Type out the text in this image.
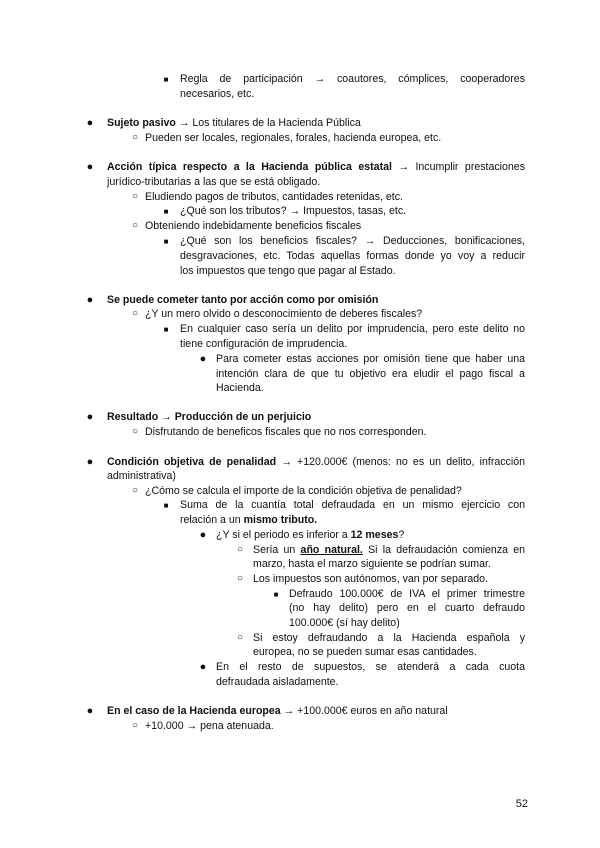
■	Regla de participación → coautores, cómplices, cooperadores
necesarios, etc.
● Sujeto pasivo → Los titulares de la Hacienda Pública
○ Pueden ser locales, regionales, forales, hacienda europea, etc.
● Acción típica respecto a la Hacienda pública estatal → Incumplir prestaciones
jurídico-tributarias a las que se está obligado.
○ Eludiendo pagos de tributos, cantidades retenidas, etc.
■	¿Qué son los tributos? → Impuestos, tasas, etc.
○ Obteniendo indebidamente beneficios fiscales
■	¿Qué son los beneficios fiscales? → Deducciones, bonificaciones,
desgravaciones, etc. Todas aquellas formas donde yo voy a reducir
los impuestos que tengo que pagar al Estado.
● Se puede cometer tanto por acción como por omisión
○ ¿Y un mero olvido o desconocimiento de deberes fiscales?
■	En cualquier caso sería un delito por imprudencia, pero este delito no
tiene configuración de imprudencia.
● Para cometer estas acciones por omisión tiene que haber una
intención clara de que tu objetivo era eludir el pago fiscal a
Hacienda.
● Resultado → Producción de un perjuicio
○ Disfrutando de beneficos fiscales que no nos corresponden.
● Condición objetiva de penalidad → +120.000€ (menos: no es un delito, infracción
administrativa)
○ ¿Cómo se calcula el importe de la condición objetiva de penalidad?
■	Suma de la cuantía total defraudada en un mismo ejercicio con
relación a un mismo tributo.
● ¿Y si el periodo es inferior a 12 meses?
○ Sería un año natural. Si la defraudación comienza en
marzo, hasta el marzo siguiente se podrían sumar.
○ Los impuestos son autónomos, van por separado.
■ Defraudo 100.000€ de IVA el primer trimestre
(no hay delito) pero en el cuarto defraudo
100.000€ (sí hay delito)
○ Si estoy defraudando a la Hacienda española y
europea, no se pueden sumar esas cantidades.
● En el resto de supuestos, se atenderá a cada cuota
defraudada aisladamente.
● En el caso de la Hacienda europea → +100.000€ euros en año natural
○ +10.000 → pena atenuada.
52
